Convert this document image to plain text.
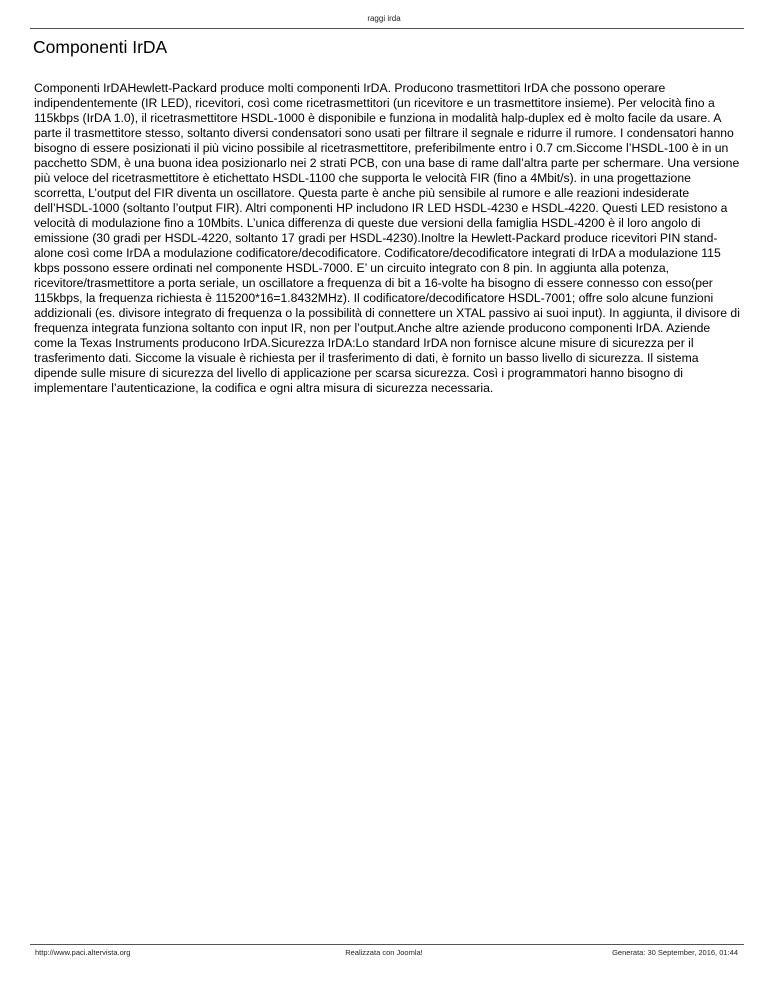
raggi irda
Componenti IrDA

Componenti IrDAHewlett-Packard produce molti componenti IrDA. Producono trasmettitori IrDA che possono operare indipendentemente (IR LED), ricevitori, così come ricetrasmettitori (un ricevitore e un trasmettitore insieme). Per velocità fino a 115kbps (IrDA 1.0), il ricetrasmettitore HSDL-1000 è disponibile e funziona in modalità halp-duplex ed è molto facile da usare. A parte il trasmettitore stesso, soltanto diversi condensatori sono usati per filtrare il segnale e ridurre il rumore. I condensatori hanno bisogno di essere posizionati il più vicino possibile al ricetrasmettitore, preferibilmente entro i 0.7 cm.Siccome l’HSDL-100 è in un pacchetto SDM, è una buona idea posizionarlo nei 2 strati PCB, con una base di rame dall’altra parte per schermare. Una versione più veloce del ricetrasmettitore è etichettato HSDL-1100 che supporta le velocità FIR (fino a 4Mbit/s). in una progettazione scorretta, L’output del FIR diventa un oscillatore. Questa parte è anche più sensibile al rumore e alle reazioni indesiderate dell’HSDL-1000 (soltanto l’output FIR). Altri componenti HP includono IR LED HSDL-4230 e HSDL-4220. Questi LED resistono a velocità di modulazione fino a 10Mbits. L’unica differenza di queste due versioni della famiglia HSDL-4200 è il loro angolo di emissione (30 gradi per HSDL-4220, soltanto 17 gradi per HSDL-4230).Inoltre la Hewlett-Packard produce ricevitori PIN stand-alone così come IrDA a modulazione codificatore/decodificatore. Codificatore/decodificatore integrati di IrDA a modulazione 115 kbps possono essere ordinati nel componente HSDL-7000. E’ un circuito integrato con 8 pin. In aggiunta alla potenza, ricevitore/trasmettitore a porta seriale, un oscillatore a frequenza di bit a 16-volte ha bisogno di essere connesso con esso(per 115kbps, la frequenza richiesta è 115200*16=1.8432MHz). Il codificatore/decodificatore HSDL-7001; offre solo alcune funzioni addizionali (es. divisore integrato di frequenza o la possibilità di connettere un XTAL passivo ai suoi input). In aggiunta, il divisore di frequenza integrata funziona soltanto con input IR, non per l’output.Anche altre aziende producono componenti IrDA. Aziende come la Texas Instruments producono IrDA.Sicurezza IrDA:Lo standard IrDA non fornisce alcune misure di sicurezza per il trasferimento dati. Siccome la visuale è richiesta per il trasferimento di dati, è fornito un basso livello di sicurezza. Il sistema dipende sulle misure di sicurezza del livello di applicazione per scarsa sicurezza. Così i programmatori hanno bisogno di implementare l’autenticazione, la codifica e ogni altra misura di sicurezza necessaria.

http://www.paci.altervista.org	Realizzata con Joomla!	Generata: 30 September, 2016, 01:44
